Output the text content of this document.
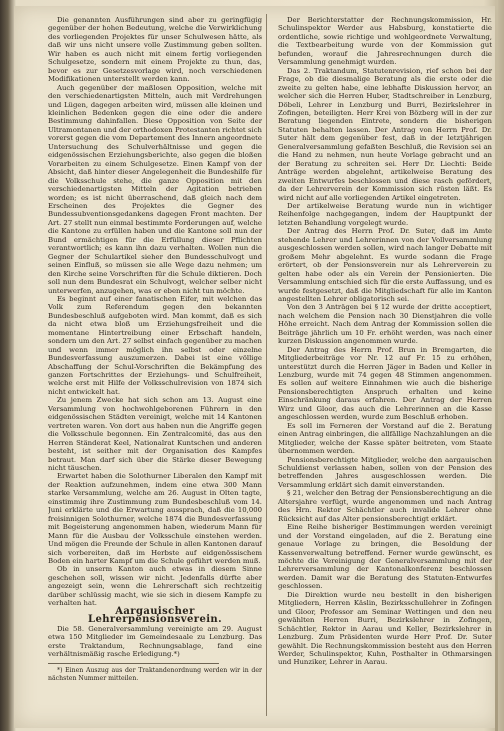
Die genannten Ausführungen sind aber zu geringfügig gegenüber der hohen Bedeutung, welche die Verwirklichung des vorliegenden Projektes für unser Schulwesen hätte, als daß wir uns nicht unsere volle Zustimmung geben sollten. Wir haben es auch nicht mit einem fertig vorliegenden Schulgesetze, sondern mit einem Projekte zu thun, das, bevor es zur Gesetzesvorlage wird, noch verschiedenen Modifikationen unterstellt werden kann.

Auch gegenüber der maßlosen Opposition, welche mit den verschiedenartigsten Mitteln, auch mit Verdrehungen und Lügen, dagegen arbeiten wird, müssen alle kleinen und kleinlichen Bedenken gegen die eine oder die andere Bestimmung dahinfallen. Diese Opposition von Seite der Ultramontanen und der orthodoxen Protestanten richtet sich vorerst gegen die vom Departement des Innern angeordnete Untersuchung des Schulverhältnisse und gegen die eidgenössischen Erziehungsberichte, also gegen die bloßen Vorarbeiten zu einem Schulgesetze. Einen Kampf von der Absicht, daß hinter dieser Angelegenheit die Bundeshilfe für die Volksschule stehe, die ganze Opposition mit den verschiedenartigsten Mitteln der Agitation betrieben worden; es ist nicht überraschend, daß gleich nach dem Erscheinen des Projektes die Gegner des Bundessubventionsgedankens dagegen Front machten. Der Art. 27 stellt nun einmal bestimmte Forderungen auf, welche die Kantone zu erfüllen haben und die Kantone soll nun der Bund ermächtigen für die Erfüllung dieser Pflichten verantwortlich; es kann ihn dazu verhalten. Wollen nun die Gegner der Schulartikel sieher den Bundesschulvogt und seinen Einfluß, so müssen sie alle Wege dazu nehmen; um den Kirche seine Vorschriften für die Schule diktieren. Doch soll nun dem Bundesrat ein Schulvogt, welcher selber nicht unterwerfen, anzugehen, was er eben nicht tun möchte.

Es beginnt auf einer fanatischen Eifer, mit welchen das Volk zum Referendum gegen den bekannten Bundesbeschluß aufgeboten wird. Man kommt, daß es sich da nicht etwa bloß um Erziehungsfreiheit und die momentane Hintertreibung einer Erbschaft handeln, sondern um den Art. 27 selbst einfach gegenüber zu machen und wenn immer möglich ihn selbst oder einzelne Bundesverfassung auszumerzen. Dabei ist eine völlige Abschaffung der Schul-Vorschriften die Bekämpfung des ganzen Fortschrittes der Erziehungs- und Schulfreiheit, welche erst mit Hilfe der Volksschulrevision von 1874 sich nicht entwickelt hat.

Zu jenem Zwecke hat sich schon am 13. August eine Versammlung von hochwohlgeborenen Führern in den eidgenössischen Städten vereinigt, welche mit 14 Kantonen vertreten waren. Von dort aus haben nun die Angriffe gegen die Volksschule begonnen. Ein Zentralcomité, das aus den Herren Ständerat Keel, Nationalrat Kuntschen und anderen besteht, ist seither mit der Organisation des Kampfes betraut. Man darf sich über die Stärke dieser Bewegung nicht täuschen.

Erwartet haben die Solothurner Liberalen den Kampf mit der Reaktion aufzunehmen, indem eine etwa 300 Mann starke Versammlung, welche am 26. August in Olten tagte, einstimmig ihre Zustimmung zum Bundesbeschluß vom 14. Juni erklärte und die Erwartung aussprach, daß die 10,000 freisinnigen Solothurner, welche 1874 die Bundesverfassung mit Begeisterung angenommen haben, wiederum Mann für Mann für die Ausbau der Volksschule einstehen werden. Und mögen die Freunde der Schule in allen Kantonen darauf sich vorbereiten, daß im Herbste auf eidgenössischem Boden ein harter Kampf um die Schule geführt werden muß.

Ob in unserm Kanton auch etwas in diesem Sinne geschehen soll, wissen wir nicht. Jedenfalls dürfte aber angezeigt sein, wenn die Lehrerschaft sich rechtzeitig darüber schlüssig macht, wie sie sich in diesem Kampfe zu verhalten hat.

Aargauischer Lehrerpensionsverein.

Die 58. Generalversammlung vereinigte am 29. August etwa 150 Mitglieder im Gemeindesaale zu Lenzburg. Das erste Traktandum, Rechnungsablage, fand eine verhältnismäßig rasche Erledigung.*)

*) Einen Auszug aus der Traktandenordnung werden wir in der nächsten Nummer mitteilen.

Der Berichterstatter der Rechnungskommission, Hr. Schulinspektor Werder aus Habsburg, konstatierte die ordentliche, sowie richtige und wohlgeordnete Verwaltung, die Textbearbeitung wurde von der Kommission gut befunden, worauf die Jahresrechnungen durch die Versammlung genehmigt wurden.

Das 2. Traktandum, Statutenrevision, rief schon bei der Frage, ob die diesmalige Beratung als die erste oder die zweite zu gelten habe, eine lebhafte Diskussion hervor, an welcher sich die Herren Huber, Stadtschreiber in Lenzburg, Döbeli, Lehrer in Lenzburg und Burri, Bezirkslehrer in Zofingen, beteiligten. Herr Krei von Bözberg will in der zur Beratung liegenden Eintrete, sondern die bisherigen Statuten behalten lassen. Der Antrag von Herrn Prof. Dr. Suter hält dem gegenüber fest, daß in der letztjährigen Generalversammlung gefaßten Beschluß, die Revision sei an die Hand zu nehmen, nun heute Vorlage gebracht und an der Beratung zu schreiten sei. Herr Dr. Liechti: Beide Anträge werden abgelehnt, artikelweise Beratung des zweiten Entwurfes beschlossen und diese rasch gefördert, da der Lehrerverein der Kommission sich rüsten läßt. Es wird nicht auf alle vorliegenden Artikel eingetreten.

Der artikelweise Beratung wurde nun in wichtiger Reihenfolge nachgegangen, indem der Hauptpunkt der letzten Behandlung vorgelegt wurde.

Der Antrag des Herrn Prof. Dr. Suter, daß im Amte stehende Lehrer und Lehrerinnen von der Vollversammlung ausgeschlossen werden sollen, wird nach langer Debatte mit großem Mehr abgelehnt. Es wurde sodann die Frage erörtert, ob der Pensionsverein nur als Lehrerverein zu gelten habe oder als ein Verein der Pensionierten. Die Versammlung entschied sich für die erste Auffassung, und es wurde festgesetzt, daß die Mitgliedschaft für alle im Kanton angestellten Lehrer obligatorisch sei.

Von den 3 Anträgen bei § 12 wurde der dritte acceptiert, nach welchem die Pension nach 30 Dienstjahren die volle Höhe erreicht. Nach dem Antrag der Kommission sollen die Beiträge jährlich um 10 Fr. erhöht werden, was nach einer kurzen Diskussion angenommen wurde.

Der Antrag des Herrn Prof. Brun in Bremgarten, die Mitgliederbeiträge vor Nr. 12 auf Fr. 15 zu erhöhen, unterstützt durch die Herren Jäger in Baden und Keller in Lenzburg, wurde mit 74 gegen 48 Stimmen angenommen. Es sollen auf weitere Einnahmen wie auch die bisherige Pensionsberechtigten Anspruch erhalten und keine Einschränkung daraus erfahren. Der Antrag der Herren Wirz und Gloor, das auch die Lehrerinnen an die Kasse angeschlossen werden, wurde zum Beschluß erhoben.

Es soll im Ferneren der Vorstand auf die 2. Beratung einen Antrag einbringen, die allfällige Nachzahlungen an die Mitglieder, welche der Kasse später beitreten, vom Staate übernommen werden.

Pensionsberechtigte Mitglieder, welche den aargauischen Schuldienst verlassen haben, sollen von der Pension des betreffenden Jahres ausgeschlossen werden. Die Versammlung erklärt sich damit einverstanden.

§ 21, welcher den Betrag der Pensionsberechtigung an die Altersjahre verfügt, wurde angenommen und nach Antrag des Hrn. Rektor Schächtler auch invalide Lehrer ohne Rücksicht auf das Alter pensionsberechtigt erklärt.

Eine Reihe bisheriger Bestimmungen werden vereinigt und der Vorstand eingeladen, auf die 2. Beratung eine genaue Vorlage zu bringen, die Besoldung der Kassenverwaltung betreffend. Ferner wurde gewünscht, es möchte die Vereinigung der Generalversammlung mit der Lehrerversammlung der Kantonalkonferenz beschlossen werden. Damit war die Beratung des Statuten-Entwurfes geschlossen.

Die Direktion wurde neu bestellt in den bisherigen Mitgliedern, Herren Käslin, Bezirksschullehrer in Zofingen und Gloor, Professor am Seminar Wettingen und den neu gewählten Herren Burri, Bezirkslehrer in Zofingen, Schächtler, Rektor in Aarau und Keller, Bezirkslehrer in Lenzburg. Zum Präsidenten wurde Herr Prof. Dr. Suter gewählt. Die Rechnungskommission besteht aus den Herren Werder, Schulinspektor, Kuhn, Posthalter in Othmarsingen und Hunziker, Lehrer in Aarau.
